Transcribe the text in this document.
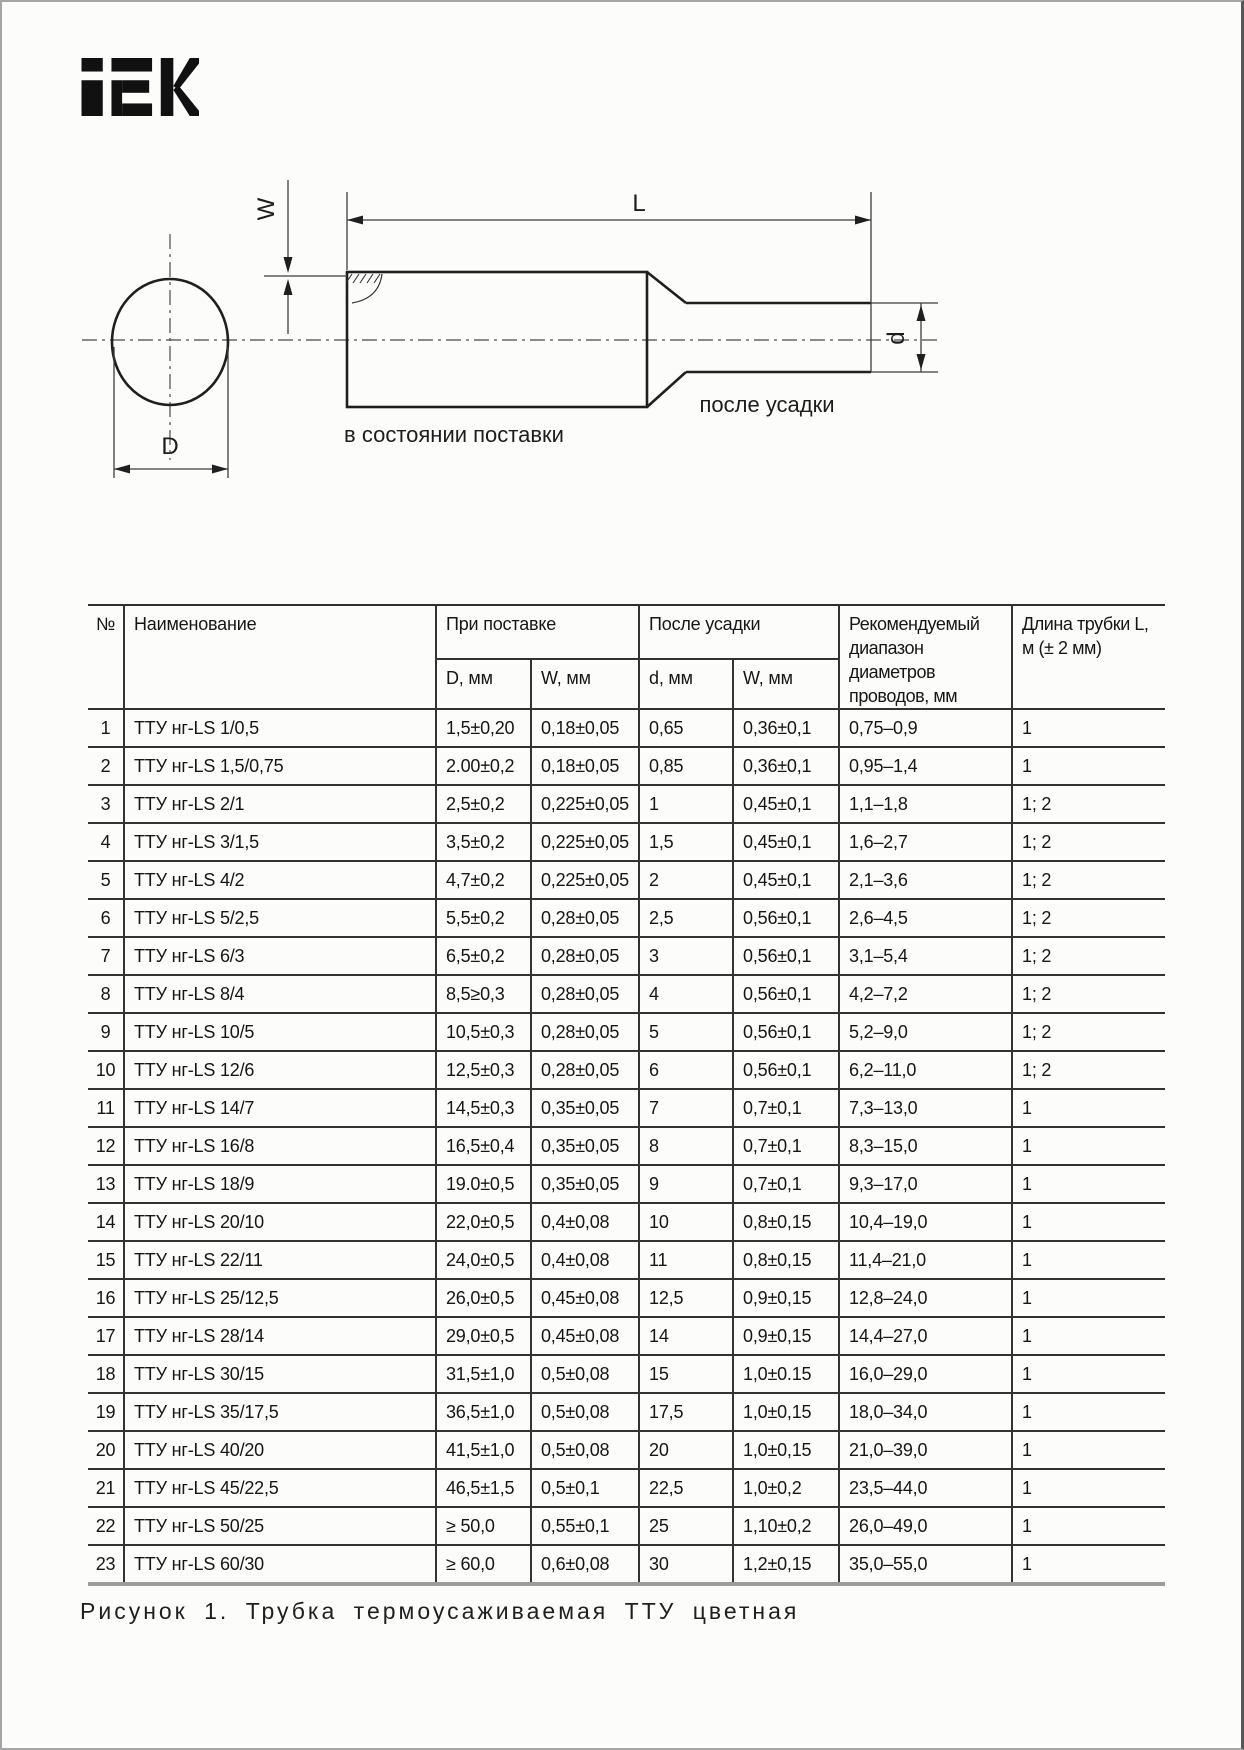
W	L
d
D	в состоянии поставки
после усадки
№	Наименование	При поставке		После усадки		Рекомендуемый диапазон диаметров проводов, мм	Длина трубки L, м (± 2 мм)
		D, мм	W, мм	d, мм	W, мм		
1	ТТУ нг-LS 1/0,5	1,5±0,20	0,18±0,05	0,65	0,36±0,1	0,75–0,9	1
2	ТТУ нг-LS 1,5/0,75	2.00±0,2	0,18±0,05	0,85	0,36±0,1	0,95–1,4	1
3	ТТУ нг-LS 2/1	2,5±0,2	0,225±0,05	1	0,45±0,1	1,1–1,8	1; 2
4	ТТУ нг-LS 3/1,5	3,5±0,2	0,225±0,05	1,5	0,45±0,1	1,6–2,7	1; 2
5	ТТУ нг-LS 4/2	4,7±0,2	0,225±0,05	2	0,45±0,1	2,1–3,6	1; 2
6	ТТУ нг-LS 5/2,5	5,5±0,2	0,28±0,05	2,5	0,56±0,1	2,6–4,5	1; 2
7	ТТУ нг-LS 6/3	6,5±0,2	0,28±0,05	3	0,56±0,1	3,1–5,4	1; 2
8	ТТУ нг-LS 8/4	8,5≥0,3	0,28±0,05	4	0,56±0,1	4,2–7,2	1; 2
9	ТТУ нг-LS 10/5	10,5±0,3	0,28±0,05	5	0,56±0,1	5,2–9,0	1; 2
10	ТТУ нг-LS 12/6	12,5±0,3	0,28±0,05	6	0,56±0,1	6,2–11,0	1; 2
11	ТТУ нг-LS 14/7	14,5±0,3	0,35±0,05	7	0,7±0,1	7,3–13,0	1
12	ТТУ нг-LS 16/8	16,5±0,4	0,35±0,05	8	0,7±0,1	8,3–15,0	1
13	ТТУ нг-LS 18/9	19.0±0,5	0,35±0,05	9	0,7±0,1	9,3–17,0	1
14	ТТУ нг-LS 20/10	22,0±0,5	0,4±0,08	10	0,8±0,15	10,4–19,0	1
15	ТТУ нг-LS 22/11	24,0±0,5	0,4±0,08	11	0,8±0,15	11,4–21,0	1
16	ТТУ нг-LS 25/12,5	26,0±0,5	0,45±0,08	12,5	0,9±0,15	12,8–24,0	1
17	ТТУ нг-LS 28/14	29,0±0,5	0,45±0,08	14	0,9±0,15	14,4–27,0	1
18	ТТУ нг-LS 30/15	31,5±1,0	0,5±0,08	15	1,0±0.15	16,0–29,0	1
19	ТТУ нг-LS 35/17,5	36,5±1,0	0,5±0,08	17,5	1,0±0,15	18,0–34,0	1
20	ТТУ нг-LS 40/20	41,5±1,0	0,5±0,08	20	1,0±0,15	21,0–39,0	1
21	ТТУ нг-LS 45/22,5	46,5±1,5	0,5±0,1	22,5	1,0±0,2	23,5–44,0	1
22	ТТУ нг-LS 50/25	≥ 50,0	0,55±0,1	25	1,10±0,2	26,0–49,0	1
23	ТТУ нг-LS 60/30	≥ 60,0	0,6±0,08	30	1,2±0,15	35,0–55,0	1
Рисунок 1. Трубка термоусаживаемая ТТУ цветная
